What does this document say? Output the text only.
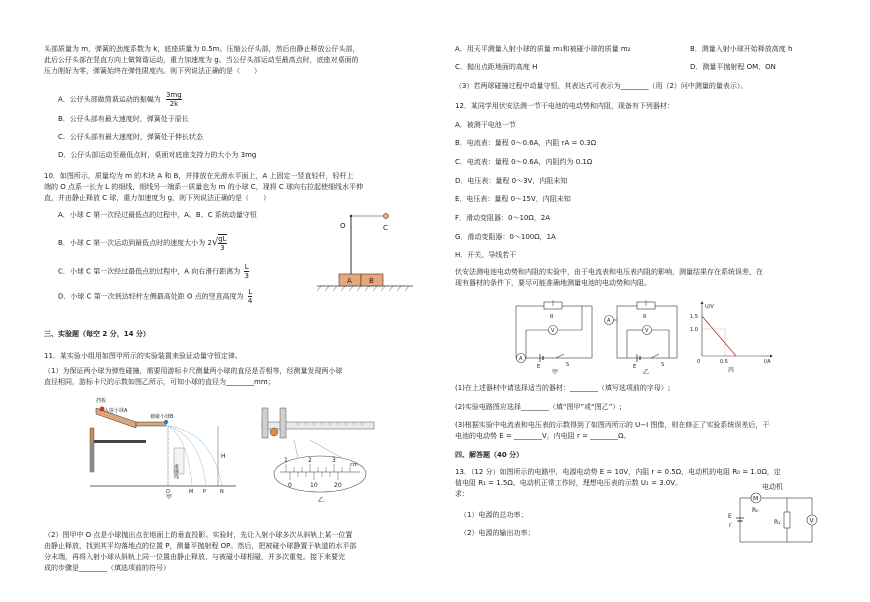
头部质量为 m，弹簧的劲度系数为 k，底座质量为 0.5m。压缩公仔头部，然后由静止释放公仔头部，
此后公仔头部在竖直方向上做简谐运动，重力加速度为 g。当公仔头部运动至最高点时，底座对桌面的
压力刚好为零，弹簧始终在弹性限度内。则下列说法正确的是（　　）
A．公仔头部做简谐运动的振幅为 $\frac{3mg}{2k}$
B．公仔头部有最大速度时，弹簧处于原长
C．公仔头部有最大速度时，弹簧处于伸长状态
D．公仔头部运动至最低点时，桌面对底座支持力的大小为 3mg
10．如图所示，质量均为 m 的木块 A 和 B，并排放在光滑水平面上，A 上固定一竖直轻杆，轻杆上
端的 O 点系一长为 L 的细线，细线另一端系一质量也为 m 的小球 C，现将 C 球向右拉起使细线水平伸
直，并由静止释放 C 球，重力加速度为 g，则下列说法正确的是（　　）
A．小球 C 第一次经过最低点的过程中，A、B、C 系统动量守恒
B．小球 C 第一次运动到最低点时的速度大小为 $2√ \frac{gL}{3}$
C．小球 C 第一次经过最低点的过程中，A 向右滑行距离为 $\frac{L}{3}$
D．小球 C 第一次到达轻杆左侧最高处距 O 点的竖直高度为 $\frac{L}{4}$
A B
O	C
三、实验题（每空 2 分，14 分）
11．某实验小组用如图甲所示的实验装置来验证动量守恒定律。
（1）为保证两小球为弹性碰撞，需要用游标卡尺测量两小球的直径是否相等，经测量发现两小球
直径相同，游标卡尺的示数如图乙所示，可知小球的直径为________mm；
挡板
入射小球A
被碰小球B
重锤线
H
O	M P	N
甲
1	2	3
cm
0	10	20
乙
（2）图甲中 O 点是小球抛出点在地面上的垂直投影。实验时，先让入射小球多次从斜轨上某一位置
由静止释放，找到其平均落地点的位置 P，测量平抛射程 OP。然后，把被碰小球静置于轨道的水平部
分末端，再将入射小球从斜轨上同一位置由静止释放，与被碰小球相碰，并多次重复。接下来要完
成的步骤是________（填选项前的符号）
A．用天平测量入射小球的质量 m₁和被碰小球的质量 m₂	B．测量入射小球开始释放高度 h
C．抛出点距地面的高度 H	D．测量平抛射程 OM、ON
（3）若两球碰撞过程中动量守恒，其表达式可表示为________（用（2）问中测量的量表示）。
12．某同学用伏安法测一节干电池的电动势和内阻，现备有下列器材：
A．被测干电池一节
B．电流表：量程 0～0.6A，内阻 rA = 0.3Ω
C．电流表：量程 0～0.6A，内阻约为 0.1Ω
D．电压表：量程 0～3V，内阻未知
E．电压表：量程 0～15V，内阻未知
F．滑动变阻器：0～10Ω，2A
G．滑动变阻器：0～100Ω，1A
H．开关、导线若干
伏安法测电池电动势和内阻的实验中，由于电流表和电压表内阻的影响，测量结果存在系统误差，在
现有器材的条件下，要尽可能准确地测量电池的电动势和内阻。
R
V
A
E	S
甲
R
V
A
E	S
乙
U/V
1.5
1.0
I/A
0	0.5
丙
(1)在上述器材中请选择适当的器材：________（填写选项前的字母）;
(2)实验电路图应选择________（填“图甲”或“图乙”）;
(3)根据实验中电流表和电压表的示数得到了如图丙所示的 U−I 图像，则在修正了实验系统误差后，干
电池的电动势 E = ________V，内电阻 r = ________Ω。
四、解答题（40 分）
13．（12 分）如图所示的电路中，电源电动势 E = 10V，内阻 r = 0.5Ω，电动机的电阻 R₀ = 1.0Ω，定
值电阻 R₁ = 1.5Ω。电动机正常工作时，理想电压表的示数 U₁ = 3.0V。
求：
（1）电源的总功率；
（2）电源的输出功率；
电动机
M
R₀
R₁	V
E
r
